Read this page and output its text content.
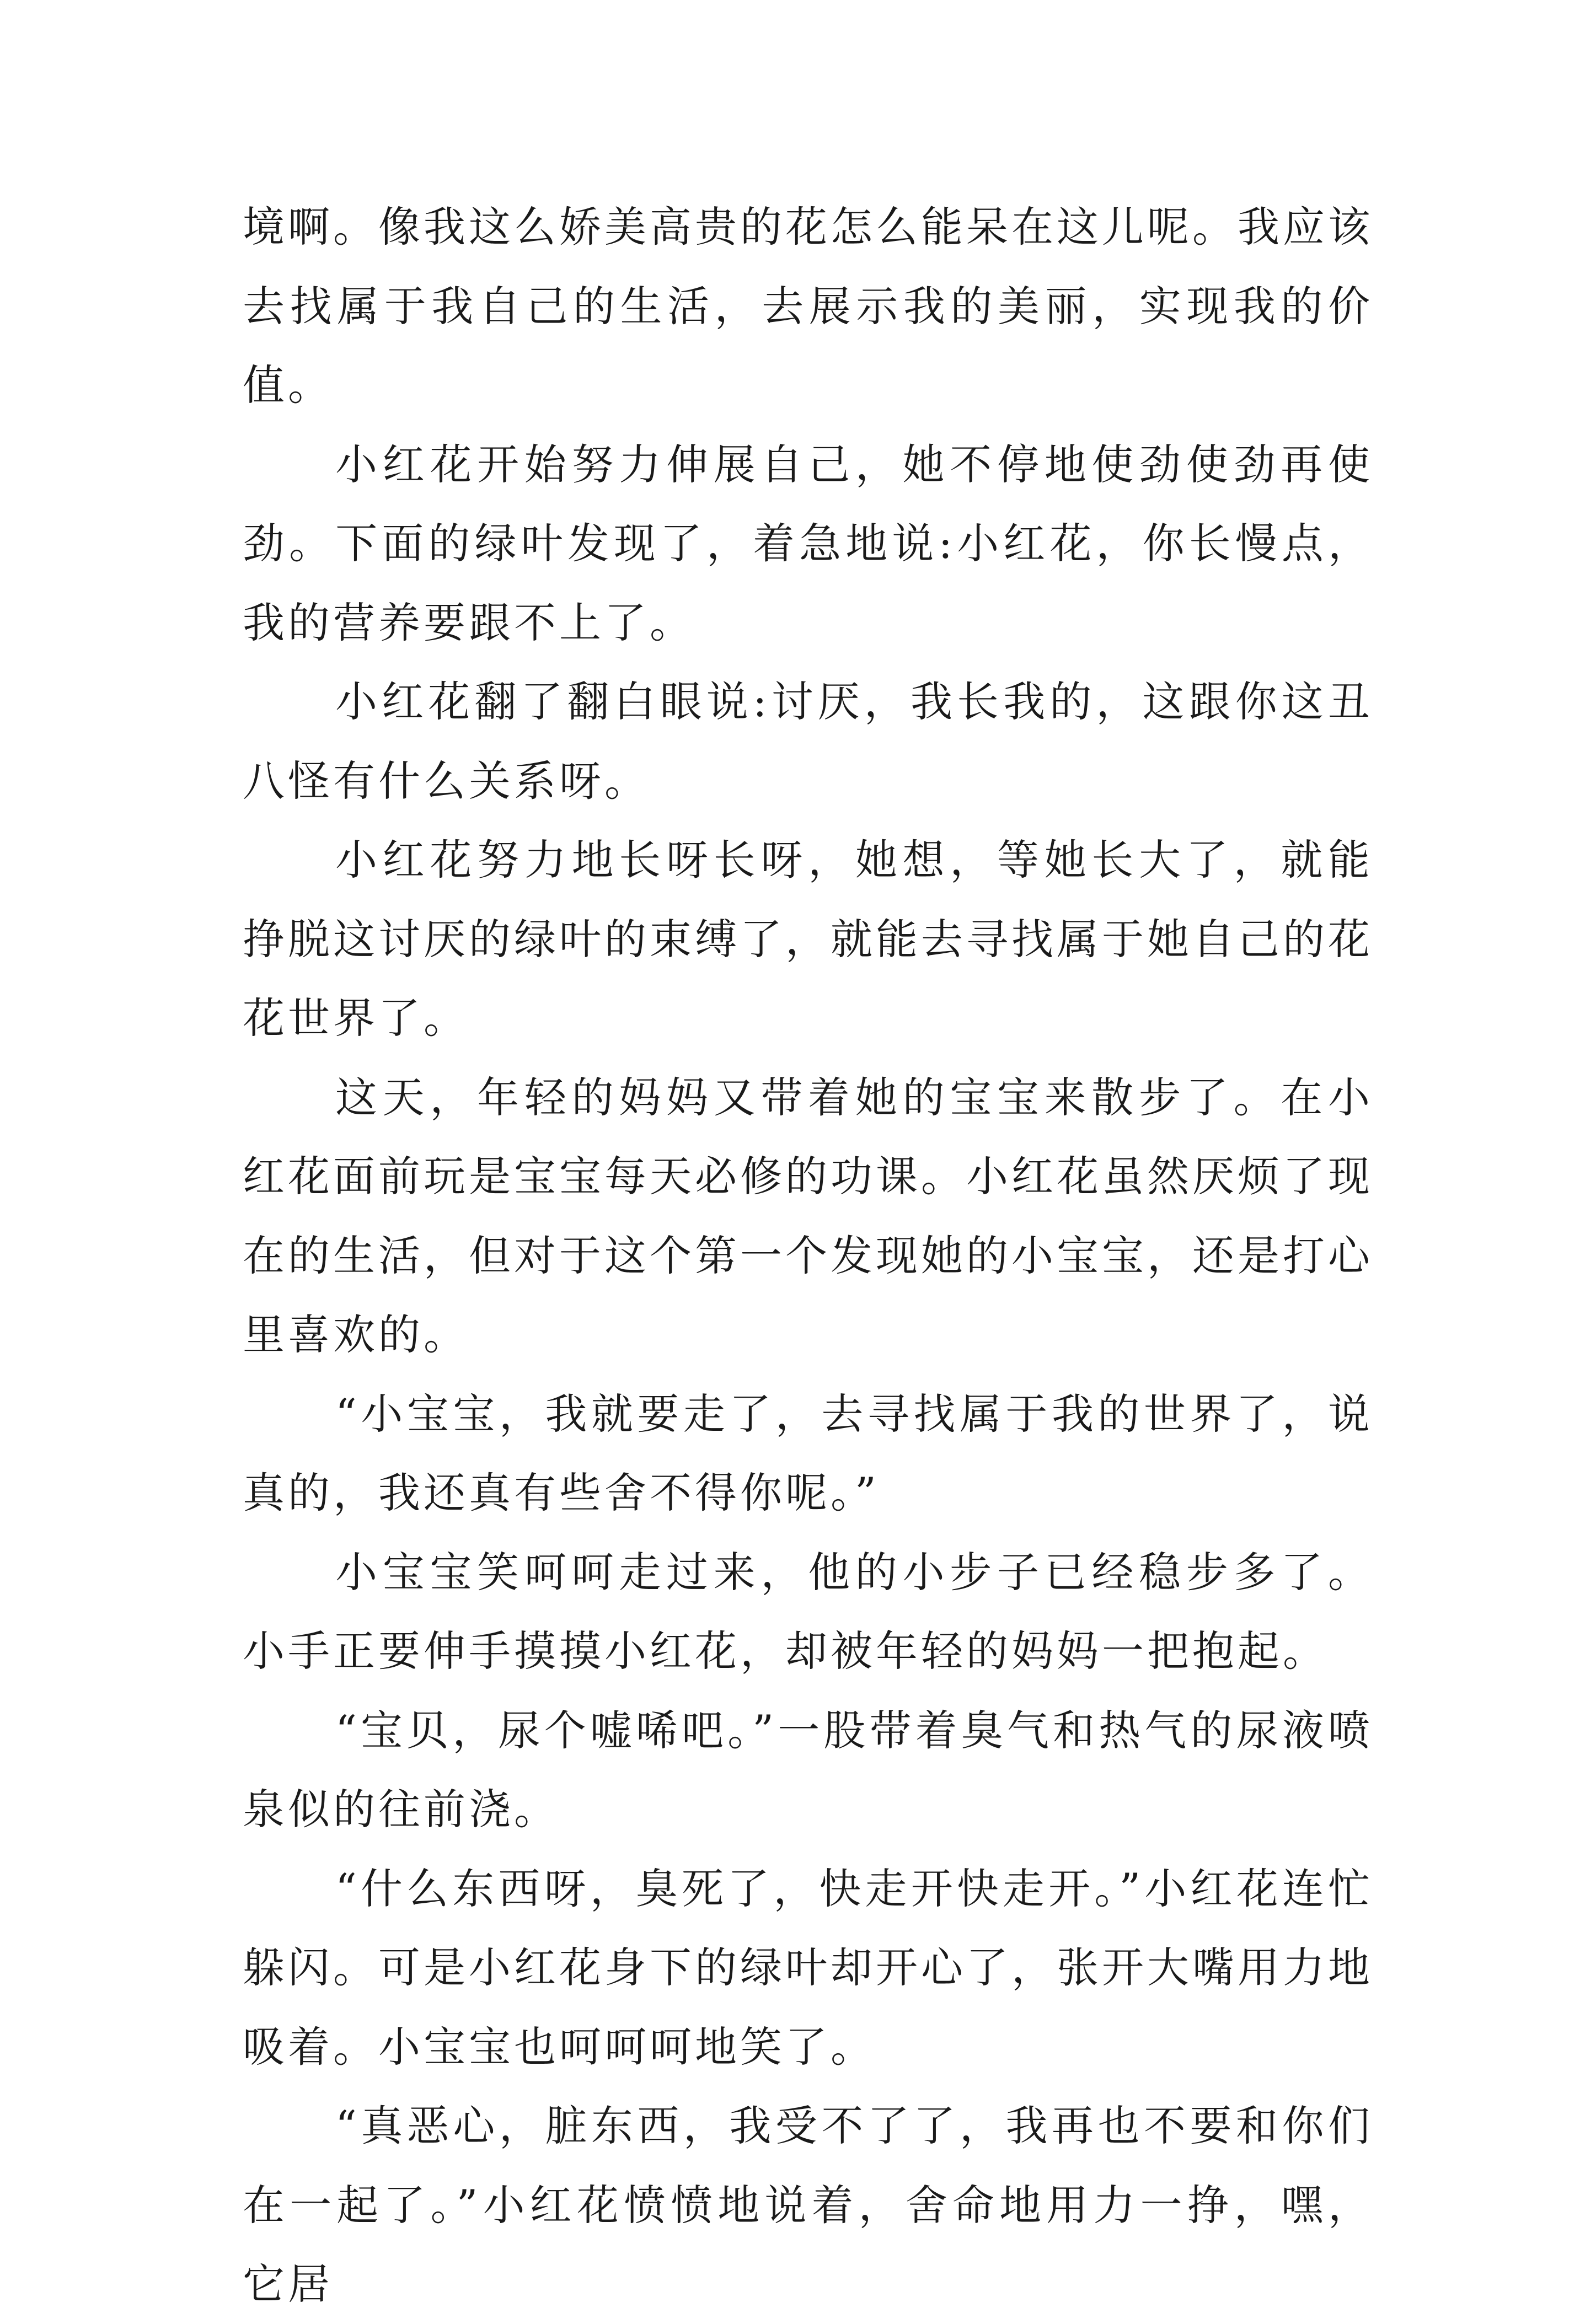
境啊。像我这么娇美高贵的花怎么能呆在这儿呢。我应该去找属于我自己的生活，去展示我的美丽，实现我的价值。

小红花开始努力伸展自己，她不停地使劲使劲再使劲。下面的绿叶发现了，着急地说:小红花，你长慢点，我的营养要跟不上了。

小红花翻了翻白眼说:讨厌，我长我的，这跟你这丑八怪有什么关系呀。

小红花努力地长呀长呀，她想，等她长大了，就能挣脱这讨厌的绿叶的束缚了，就能去寻找属于她自己的花花世界了。

这天，年轻的妈妈又带着她的宝宝来散步了。在小红花面前玩是宝宝每天必修的功课。小红花虽然厌烦了现在的生活，但对于这个第一个发现她的小宝宝，还是打心里喜欢的。

“小宝宝，我就要走了，去寻找属于我的世界了，说真的，我还真有些舍不得你呢。”

小宝宝笑呵呵走过来，他的小步子已经稳步多了。小手正要伸手摸摸小红花，却被年轻的妈妈一把抱起。

“宝贝，尿个嘘唏吧。”一股带着臭气和热气的尿液喷泉似的往前浇。

“什么东西呀，臭死了，快走开快走开。”小红花连忙躲闪。可是小红花身下的绿叶却开心了，张开大嘴用力地吸着。小宝宝也呵呵呵地笑了。

“真恶心，脏东西，我受不了了，我再也不要和你们在一起了。”小红花愤愤地说着，舍命地用力一挣，嘿，它居
